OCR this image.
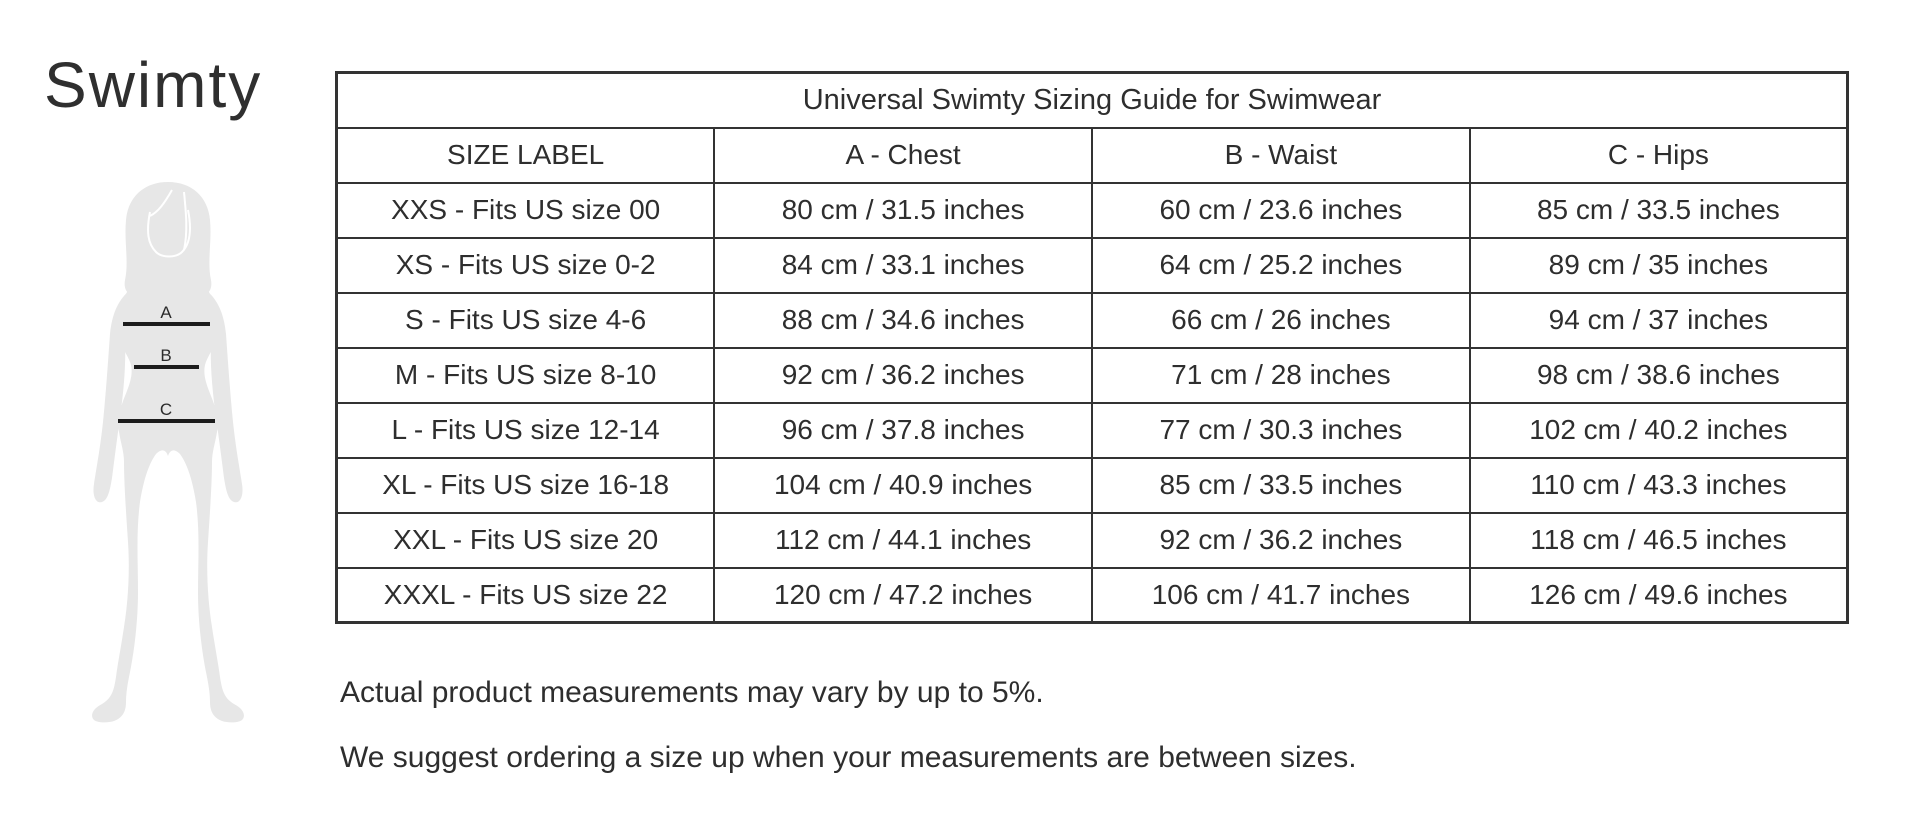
Swimty
A
B
C
Universal Swimty Sizing Guide for Swimwear			
SIZE LABEL	A - Chest	B - Waist	C - Hips
XXS - Fits US size 00	80 cm / 31.5 inches	60 cm / 23.6 inches	85 cm / 33.5 inches
XS - Fits US size 0-2	84 cm / 33.1 inches	64 cm / 25.2 inches	89 cm / 35 inches
S - Fits US size 4-6	88 cm / 34.6 inches	66 cm / 26 inches	94 cm / 37 inches
M - Fits US size 8-10	92 cm / 36.2 inches	71 cm / 28 inches	98 cm / 38.6 inches
L - Fits US size 12-14	96 cm / 37.8 inches	77 cm / 30.3 inches	102 cm / 40.2 inches
XL - Fits US size 16-18	104 cm / 40.9 inches	85 cm / 33.5 inches	110 cm / 43.3 inches
XXL - Fits US size 20	112 cm / 44.1 inches	92 cm / 36.2 inches	118 cm / 46.5 inches
XXXL - Fits US size 22	120 cm / 47.2 inches	106 cm / 41.7 inches	126 cm / 49.6 inches

Actual product measurements may vary by up to 5%.

We suggest ordering a size up when your measurements are between sizes.
